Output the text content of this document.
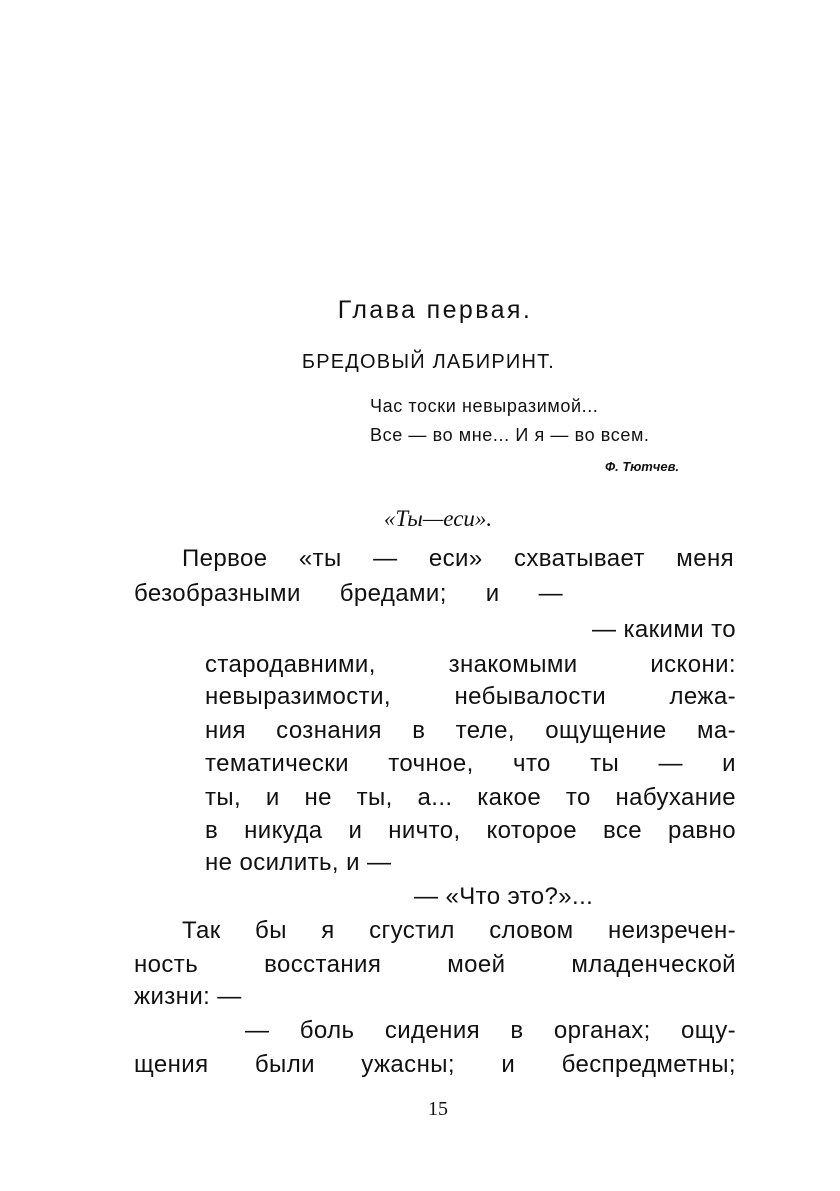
Глава первая.
БРЕДОВЫЙ ЛАБИРИНТ.
Час тоски невыразимой...
Все — во мне... И я — во всем.
Ф. Тютчев.
«Ты—еси».
Первое «ты — еси» схватывает меня
безобразными бредами; и —
— какими то
стародавними, знакомыми искони:
невыразимости, небывалости лежа-
ния сознания в теле, ощущение ма-
тематически точное, что ты — и
ты, и не ты, а... какое то набухание
в никуда и ничто, которое все равно
не осилить, и —
— «Что это?»...
Так бы я сгустил словом неизречен-
ность восстания моей младенческой
жизни: —
— боль сидения в органах; ощу-
щения были ужасны; и беспредметны;
15
